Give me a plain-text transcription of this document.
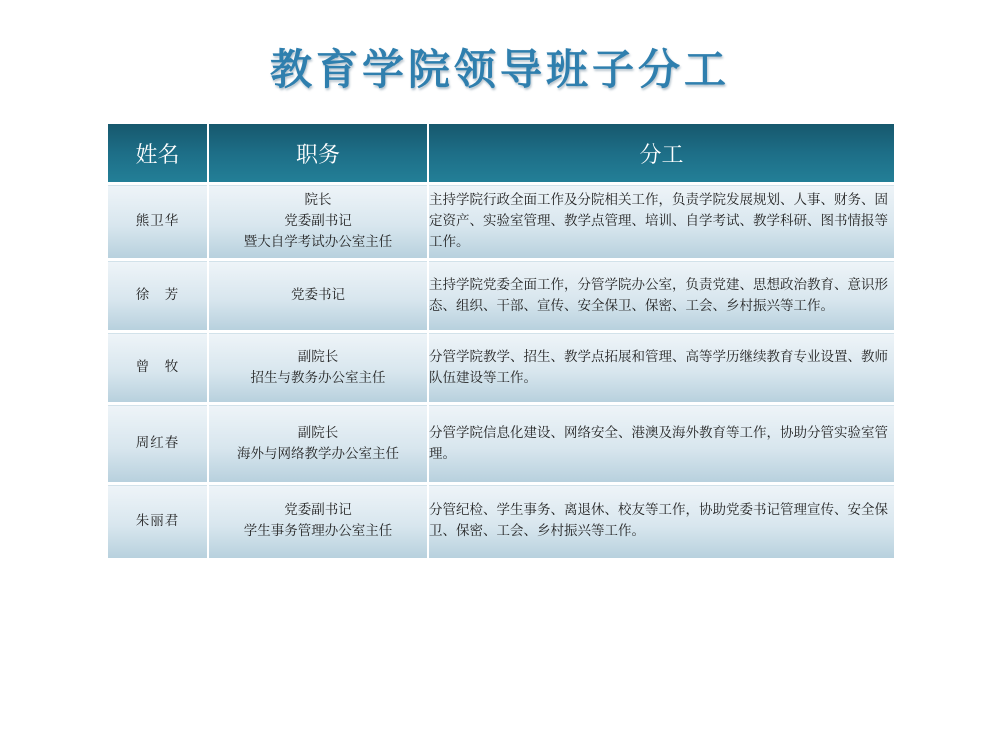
教育学院领导班子分工
姓名	职务	分工
熊卫华	院长
党委副书记
暨大自学考试办公室主任	主持学院行政全面工作及分院相关工作，负责学院发展规划、人事、财务、固定资产、实验室管理、教学点管理、培训、自学考试、教学科研、图书情报等工作。
徐　芳	党委书记	主持学院党委全面工作，分管学院办公室，负责党建、思想政治教育、意识形态、组织、干部、宣传、安全保卫、保密、工会、乡村振兴等工作。
曾　牧	副院长
招生与教务办公室主任	分管学院教学、招生、教学点拓展和管理、高等学历继续教育专业设置、教师队伍建设等工作。
周红春	副院长
海外与网络教学办公室主任	分管学院信息化建设、网络安全、港澳及海外教育等工作，协助分管实验室管理。
朱丽君	党委副书记
学生事务管理办公室主任	分管纪检、学生事务、离退休、校友等工作，协助党委书记管理宣传、安全保卫、保密、工会、乡村振兴等工作。
